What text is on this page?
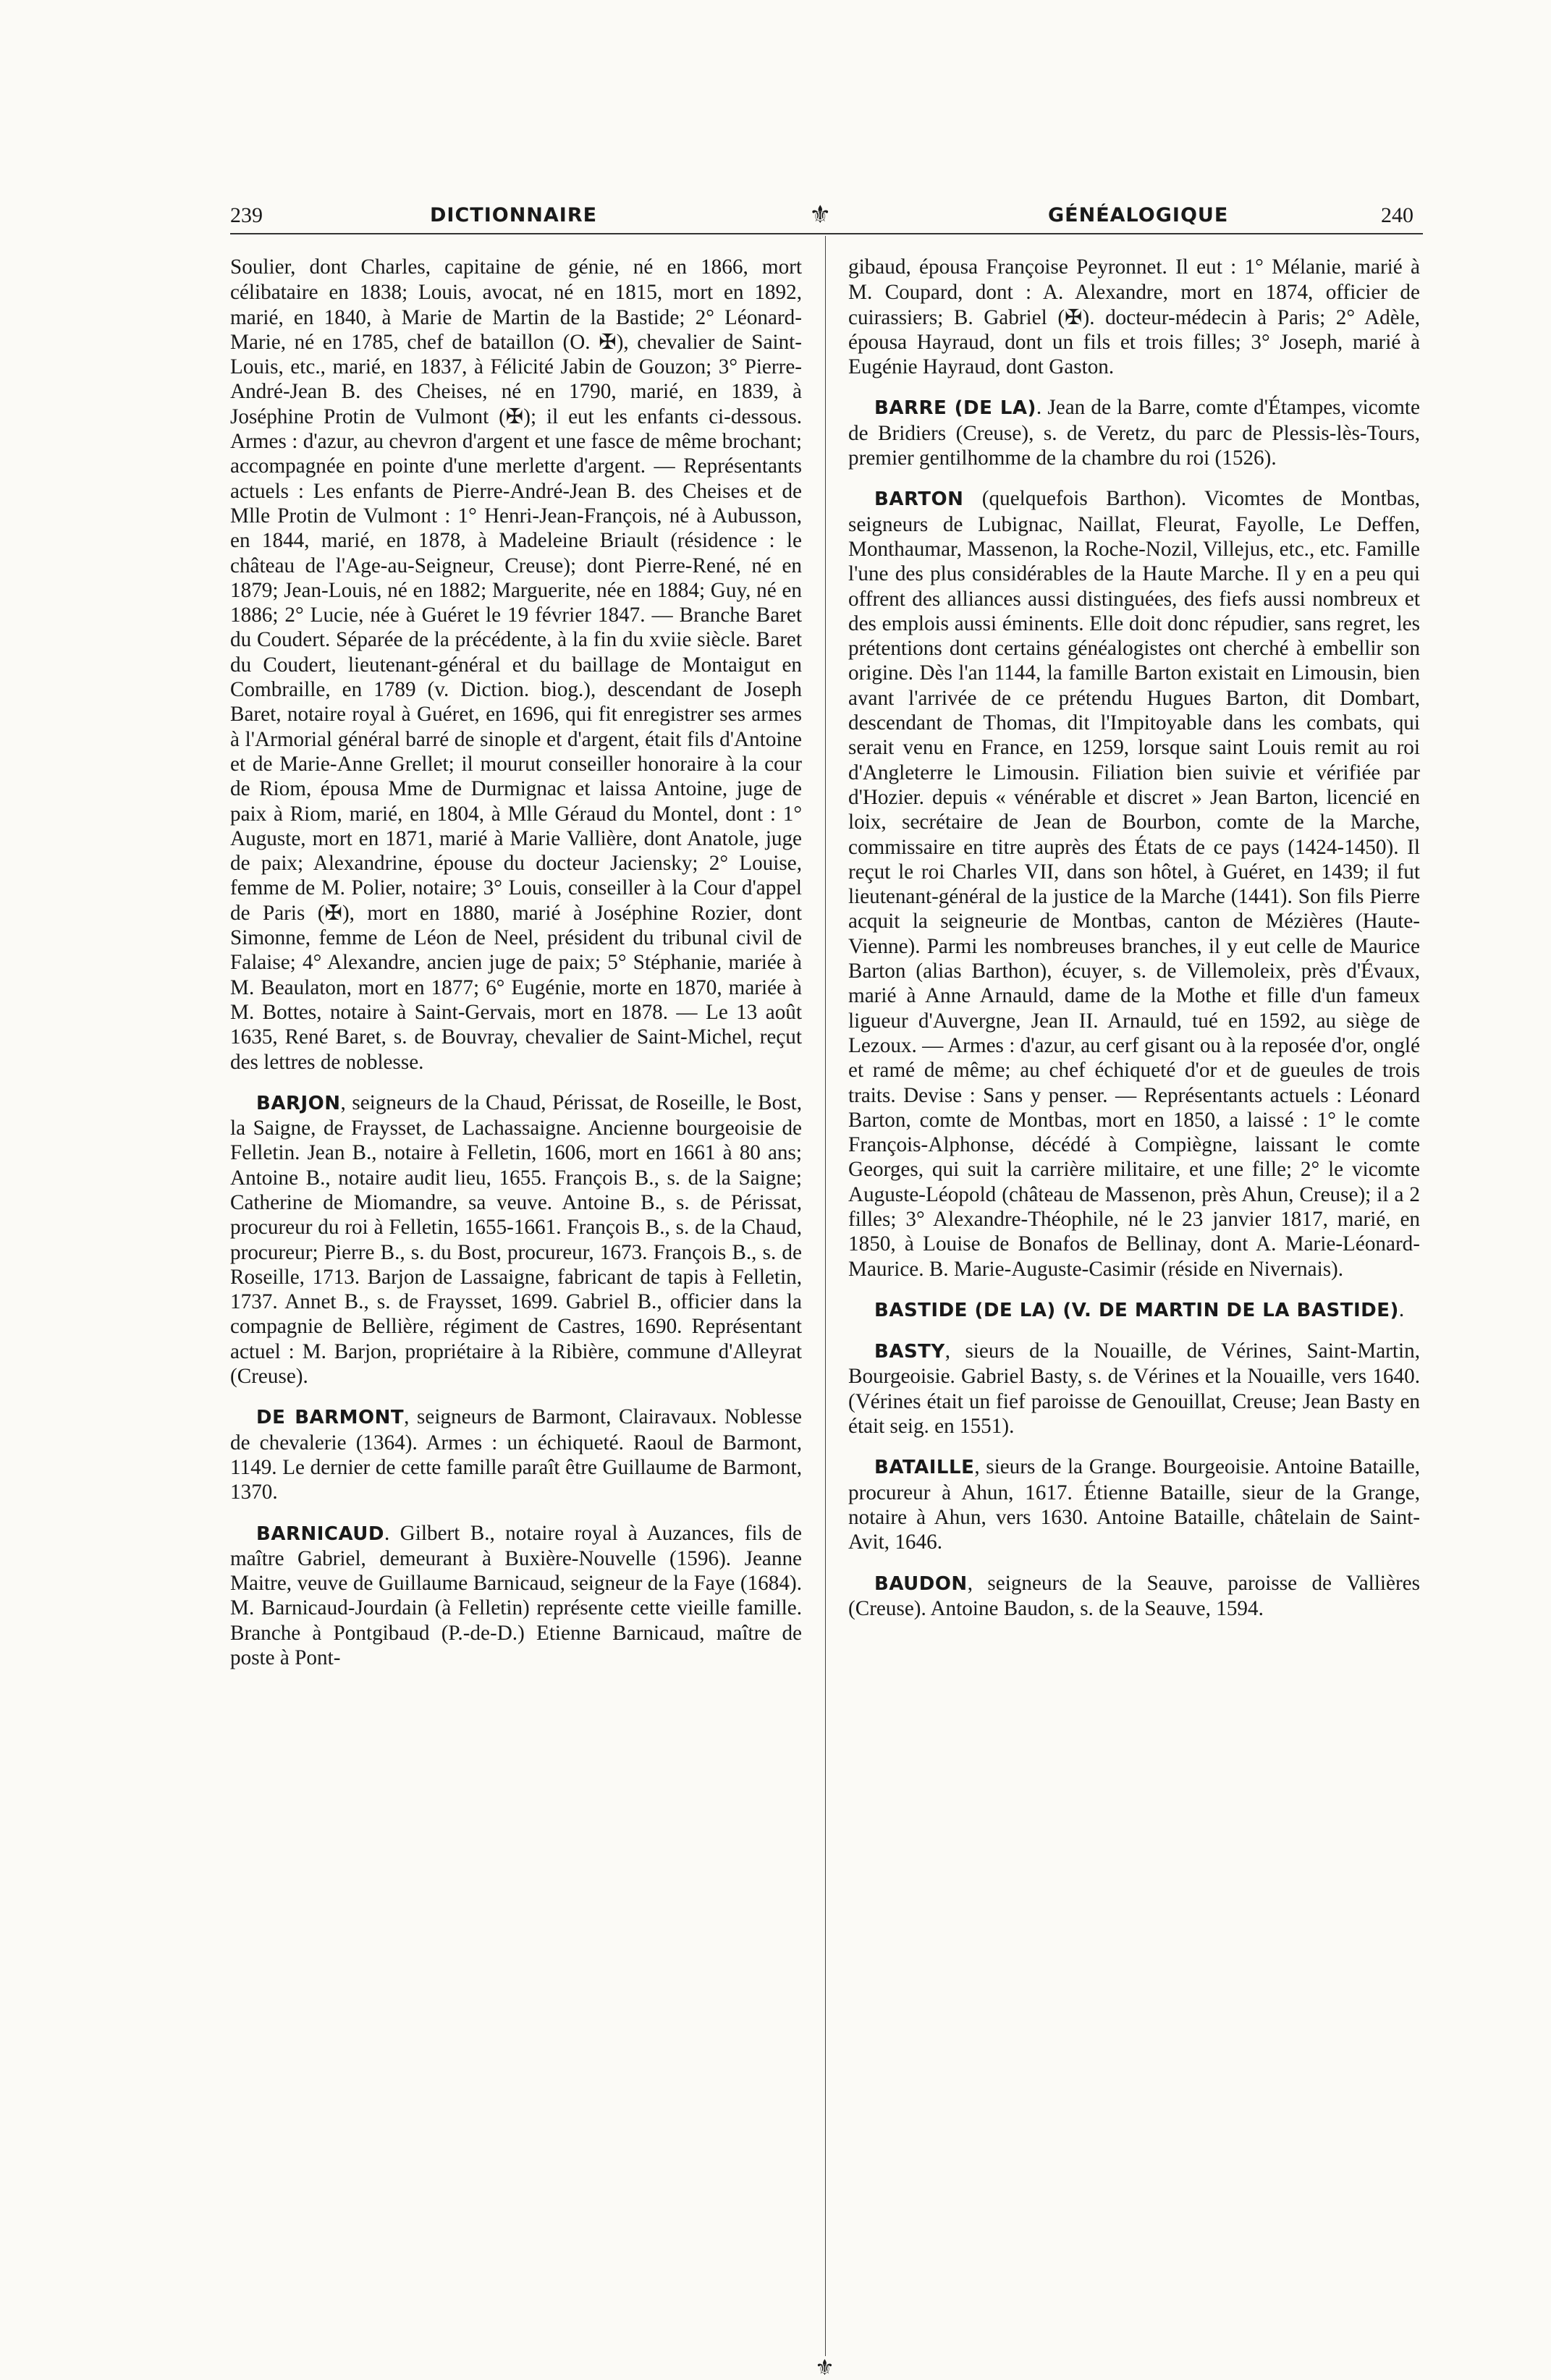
239	DICTIONNAIRE	⚜	GÉNÉALOGIQUE	240

Soulier, dont Charles, capitaine de génie, né en 1866, mort célibataire en 1838; Louis, avocat, né en 1815, mort en 1892, marié, en 1840, à Marie de Martin de la Bastide; 2° Léonard-Marie, né en 1785, chef de bataillon (O. ✠), chevalier de Saint-Louis, etc., marié, en 1837, à Félicité Jabin de Gouzon; 3° Pierre-André-Jean B. des Cheises, né en 1790, marié, en 1839, à Joséphine Protin de Vulmont (✠); il eut les enfants ci-dessous. Armes : d'azur, au chevron d'argent et une fasce de même brochant; accompagnée en pointe d'une merlette d'argent. — Représentants actuels : Les enfants de Pierre-André-Jean B. des Cheises et de Mlle Protin de Vulmont : 1° Henri-Jean-François, né à Aubusson, en 1844, marié, en 1878, à Madeleine Briault (résidence : le château de l'Age-au-Seigneur, Creuse); dont Pierre-René, né en 1879; Jean-Louis, né en 1882; Marguerite, née en 1884; Guy, né en 1886; 2° Lucie, née à Guéret le 19 février 1847. — Branche Baret du Coudert. Séparée de la précédente, à la fin du xviie siècle. Baret du Coudert, lieutenant-général et du baillage de Montaigut en Combraille, en 1789 (v. Diction. biog.), descendant de Joseph Baret, notaire royal à Guéret, en 1696, qui fit enregistrer ses armes à l'Armorial général barré de sinople et d'argent, était fils d'Antoine et de Marie-Anne Grellet; il mourut conseiller honoraire à la cour de Riom, épousa Mme de Durmignac et laissa Antoine, juge de paix à Riom, marié, en 1804, à Mlle Géraud du Montel, dont : 1° Auguste, mort en 1871, marié à Marie Vallière, dont Anatole, juge de paix; Alexandrine, épouse du docteur Jaciensky; 2° Louise, femme de M. Polier, notaire; 3° Louis, conseiller à la Cour d'appel de Paris (✠), mort en 1880, marié à Joséphine Rozier, dont Simonne, femme de Léon de Neel, président du tribunal civil de Falaise; 4° Alexandre, ancien juge de paix; 5° Stéphanie, mariée à M. Beaulaton, mort en 1877; 6° Eugénie, morte en 1870, mariée à M. Bottes, notaire à Saint-Gervais, mort en 1878. — Le 13 août 1635, René Baret, s. de Bouvray, chevalier de Saint-Michel, reçut des lettres de noblesse.

BARJON, seigneurs de la Chaud, Périssat, de Roseille, le Bost, la Saigne, de Fraysset, de Lachassaigne. Ancienne bourgeoisie de Felletin. Jean B., notaire à Felletin, 1606, mort en 1661 à 80 ans; Antoine B., notaire audit lieu, 1655. François B., s. de la Saigne; Catherine de Miomandre, sa veuve. Antoine B., s. de Périssat, procureur du roi à Felletin, 1655-1661. François B., s. de la Chaud, procureur; Pierre B., s. du Bost, procureur, 1673. François B., s. de Roseille, 1713. Barjon de Lassaigne, fabricant de tapis à Felletin, 1737. Annet B., s. de Fraysset, 1699. Gabriel B., officier dans la compagnie de Bellière, régiment de Castres, 1690. Représentant actuel : M. Barjon, propriétaire à la Ribière, commune d'Alleyrat (Creuse).

DE BARMONT, seigneurs de Barmont, Clairavaux. Noblesse de chevalerie (1364). Armes : un échiqueté. Raoul de Barmont, 1149. Le dernier de cette famille paraît être Guillaume de Barmont, 1370.

BARNICAUD. Gilbert B., notaire royal à Auzances, fils de maître Gabriel, demeurant à Buxière-Nouvelle (1596). Jeanne Maitre, veuve de Guillaume Barnicaud, seigneur de la Faye (1684). M. Barnicaud-Jourdain (à Felletin) représente cette vieille famille. Branche à Pontgibaud (P.-de-D.) Etienne Barnicaud, maître de poste à Pont-

gibaud, épousa Françoise Peyronnet. Il eut : 1° Mélanie, marié à M. Coupard, dont : A. Alexandre, mort en 1874, officier de cuirassiers; B. Gabriel (✠). docteur-médecin à Paris; 2° Adèle, épousa Hayraud, dont un fils et trois filles; 3° Joseph, marié à Eugénie Hayraud, dont Gaston.

BARRE (DE LA). Jean de la Barre, comte d'Étampes, vicomte de Bridiers (Creuse), s. de Veretz, du parc de Plessis-lès-Tours, premier gentilhomme de la chambre du roi (1526).

BARTON (quelquefois Barthon). Vicomtes de Montbas, seigneurs de Lubignac, Naillat, Fleurat, Fayolle, Le Deffen, Monthaumar, Massenon, la Roche-Nozil, Villejus, etc., etc. Famille l'une des plus considérables de la Haute Marche. Il y en a peu qui offrent des alliances aussi distinguées, des fiefs aussi nombreux et des emplois aussi éminents. Elle doit donc répudier, sans regret, les prétentions dont certains généalogistes ont cherché à embellir son origine. Dès l'an 1144, la famille Barton existait en Limousin, bien avant l'arrivée de ce prétendu Hugues Barton, dit Dombart, descendant de Thomas, dit l'Impitoyable dans les combats, qui serait venu en France, en 1259, lorsque saint Louis remit au roi d'Angleterre le Limousin. Filiation bien suivie et vérifiée par d'Hozier. depuis « vénérable et discret » Jean Barton, licencié en loix, secrétaire de Jean de Bourbon, comte de la Marche, commissaire en titre auprès des États de ce pays (1424-1450). Il reçut le roi Charles VII, dans son hôtel, à Guéret, en 1439; il fut lieutenant-général de la justice de la Marche (1441). Son fils Pierre acquit la seigneurie de Montbas, canton de Mézières (Haute-Vienne). Parmi les nombreuses branches, il y eut celle de Maurice Barton (alias Barthon), écuyer, s. de Villemoleix, près d'Évaux, marié à Anne Arnauld, dame de la Mothe et fille d'un fameux ligueur d'Auvergne, Jean II. Arnauld, tué en 1592, au siège de Lezoux. — Armes : d'azur, au cerf gisant ou à la reposée d'or, onglé et ramé de même; au chef échiqueté d'or et de gueules de trois traits. Devise : Sans y penser. — Représentants actuels : Léonard Barton, comte de Montbas, mort en 1850, a laissé : 1° le comte François-Alphonse, décédé à Compiègne, laissant le comte Georges, qui suit la carrière militaire, et une fille; 2° le vicomte Auguste-Léopold (château de Massenon, près Ahun, Creuse); il a 2 filles; 3° Alexandre-Théophile, né le 23 janvier 1817, marié, en 1850, à Louise de Bonafos de Bellinay, dont A. Marie-Léonard-Maurice. B. Marie-Auguste-Casimir (réside en Nivernais).

BASTIDE (DE LA) (V. DE MARTIN DE LA BASTIDE).

BASTY, sieurs de la Nouaille, de Vérines, Saint-Martin, Bourgeoisie. Gabriel Basty, s. de Vérines et la Nouaille, vers 1640. (Vérines était un fief paroisse de Genouillat, Creuse; Jean Basty en était seig. en 1551).

BATAILLE, sieurs de la Grange. Bourgeoisie. Antoine Bataille, procureur à Ahun, 1617. Étienne Bataille, sieur de la Grange, notaire à Ahun, vers 1630. Antoine Bataille, châtelain de Saint-Avit, 1646.

BAUDON, seigneurs de la Seauve, paroisse de Vallières (Creuse). Antoine Baudon, s. de la Seauve, 1594.

⚜
